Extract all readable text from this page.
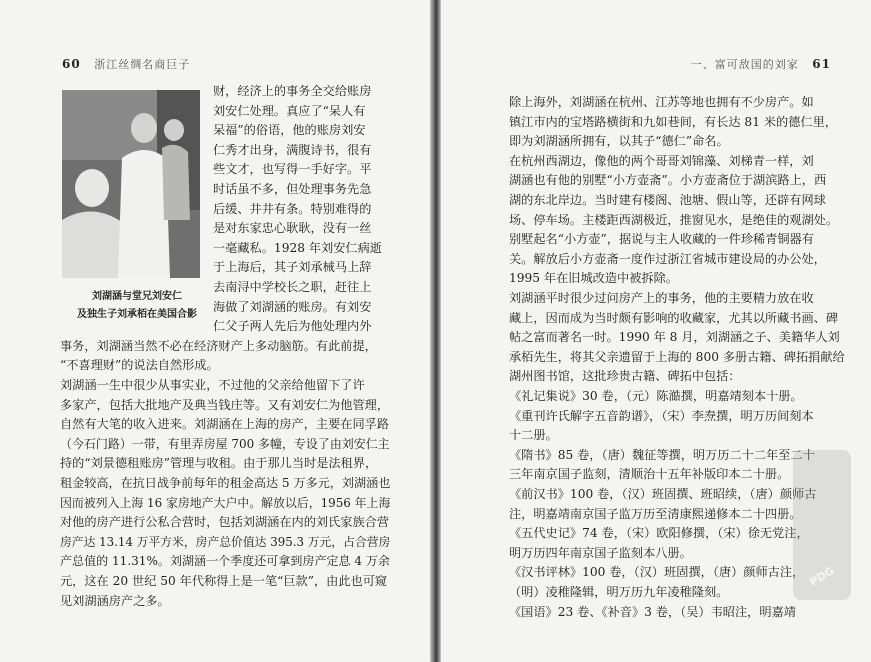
60 浙江丝绸名商巨子
刘湖涵与堂兄刘安仁
及独生子刘承栢在美国合影
财，经济上的事务全交给账房
刘安仁处理。真应了“呆人有
呆福”的俗语，他的账房刘安
仁秀才出身，满腹诗书，很有
些文才，也写得一手好字。平
时话虽不多，但处理事务先急
后缓、井井有条。特别难得的
是对东家忠心耿耿，没有一丝
一毫藏私。1928 年刘安仁病逝
于上海后，其子刘承械马上辞
去南浔中学校长之职，赶往上
海做了刘湖涵的账房。有刘安
仁父子两人先后为他处理内外
事务，刘湖涵当然不必在经济财产上多动脑筋。有此前提，
“不喜理财”的说法自然形成。
刘湖涵一生中很少从事实业，不过他的父亲给他留下了许
多家产，包括大批地产及典当钱庄等。又有刘安仁为他管理，
自然有大笔的收入进来。刘湖涵在上海的房产，主要在同孚路
（今石门路）一带，有里弄房屋 700 多幢，专设了由刘安仁主
持的“刘景德租账房”管理与收租。由于那儿当时是法租界，
租金较高，在抗日战争前每年的租金高达 5 万多元，刘湖涵也
因而被列入上海 16 家房地产大户中。解放以后，1956 年上海
对他的房产进行公私合营时，包括刘湖涵在内的刘氏家族合营
房产达 13.14 万平方米，房产总价值达 395.3 万元，占合营房
产总值的 11.31%。刘湖涵一个季度还可拿到房产定息 4 万余
元，这在 20 世纪 50 年代称得上是一笔“巨款”，由此也可窥
见刘湖涵房产之多。
一、富可敌国的刘家 61
除上海外，刘湖涵在杭州、江苏等地也拥有不少房产。如
镇江市内的宝塔路横街和九如巷间，有长达 81 米的德仁里，
即为刘湖涵所拥有，以其子“德仁”命名。
在杭州西湖边，像他的两个哥哥刘锦藻、刘梯青一样，刘
湖涵也有他的别墅“小方壶斋”。小方壶斋位于湖滨路上，西
湖的东北岸边。当时建有楼阁、池塘、假山等，还辟有网球
场、停车场。主楼距西湖极近，推窗见水，是绝佳的观湖处。
别墅起名“小方壶”，据说与主人收藏的一件珍稀青铜器有
关。解放后小方壶斋一度作过浙江省城市建设局的办公处，
1995 年在旧城改造中被拆除。
刘湖涵平时很少过问房产上的事务，他的主要精力放在收
藏上，因而成为当时颇有影响的收藏家，尤其以所藏书画、碑
帖之富而著名一时。1990 年 8 月，刘湖涵之子、美籍华人刘
承栢先生，将其父亲遗留于上海的 800 多册古籍、碑拓捐献给
湖州图书馆，这批珍贵古籍、碑拓中包括：
《礼记集说》30 卷，（元）陈澔撰，明嘉靖刻本十册。
《重刊许氏解字五音韵谱》，（宋）李焘撰，明万历间刻本
十二册。
《隋书》85 卷，（唐）魏征等撰，明万历二十二年至二十
三年南京国子监刻，清顺治十五年补版印本二十册。
《前汉书》100 卷，（汉）班固撰、班昭续，（唐）颜师古
注，明嘉靖南京国子监万历至清康熙递修本二十四册。
《五代史记》74 卷，（宋）欧阳修撰，（宋）徐无党注，
明万历四年南京国子监刻本八册。
《汉书评林》100 卷，（汉）班固撰，（唐）颜师古注，
（明）凌稚隆辑，明万历九年凌稚隆刻。
《国语》23 卷、《补音》3 卷，（吴）韦昭注，明嘉靖
PDG
